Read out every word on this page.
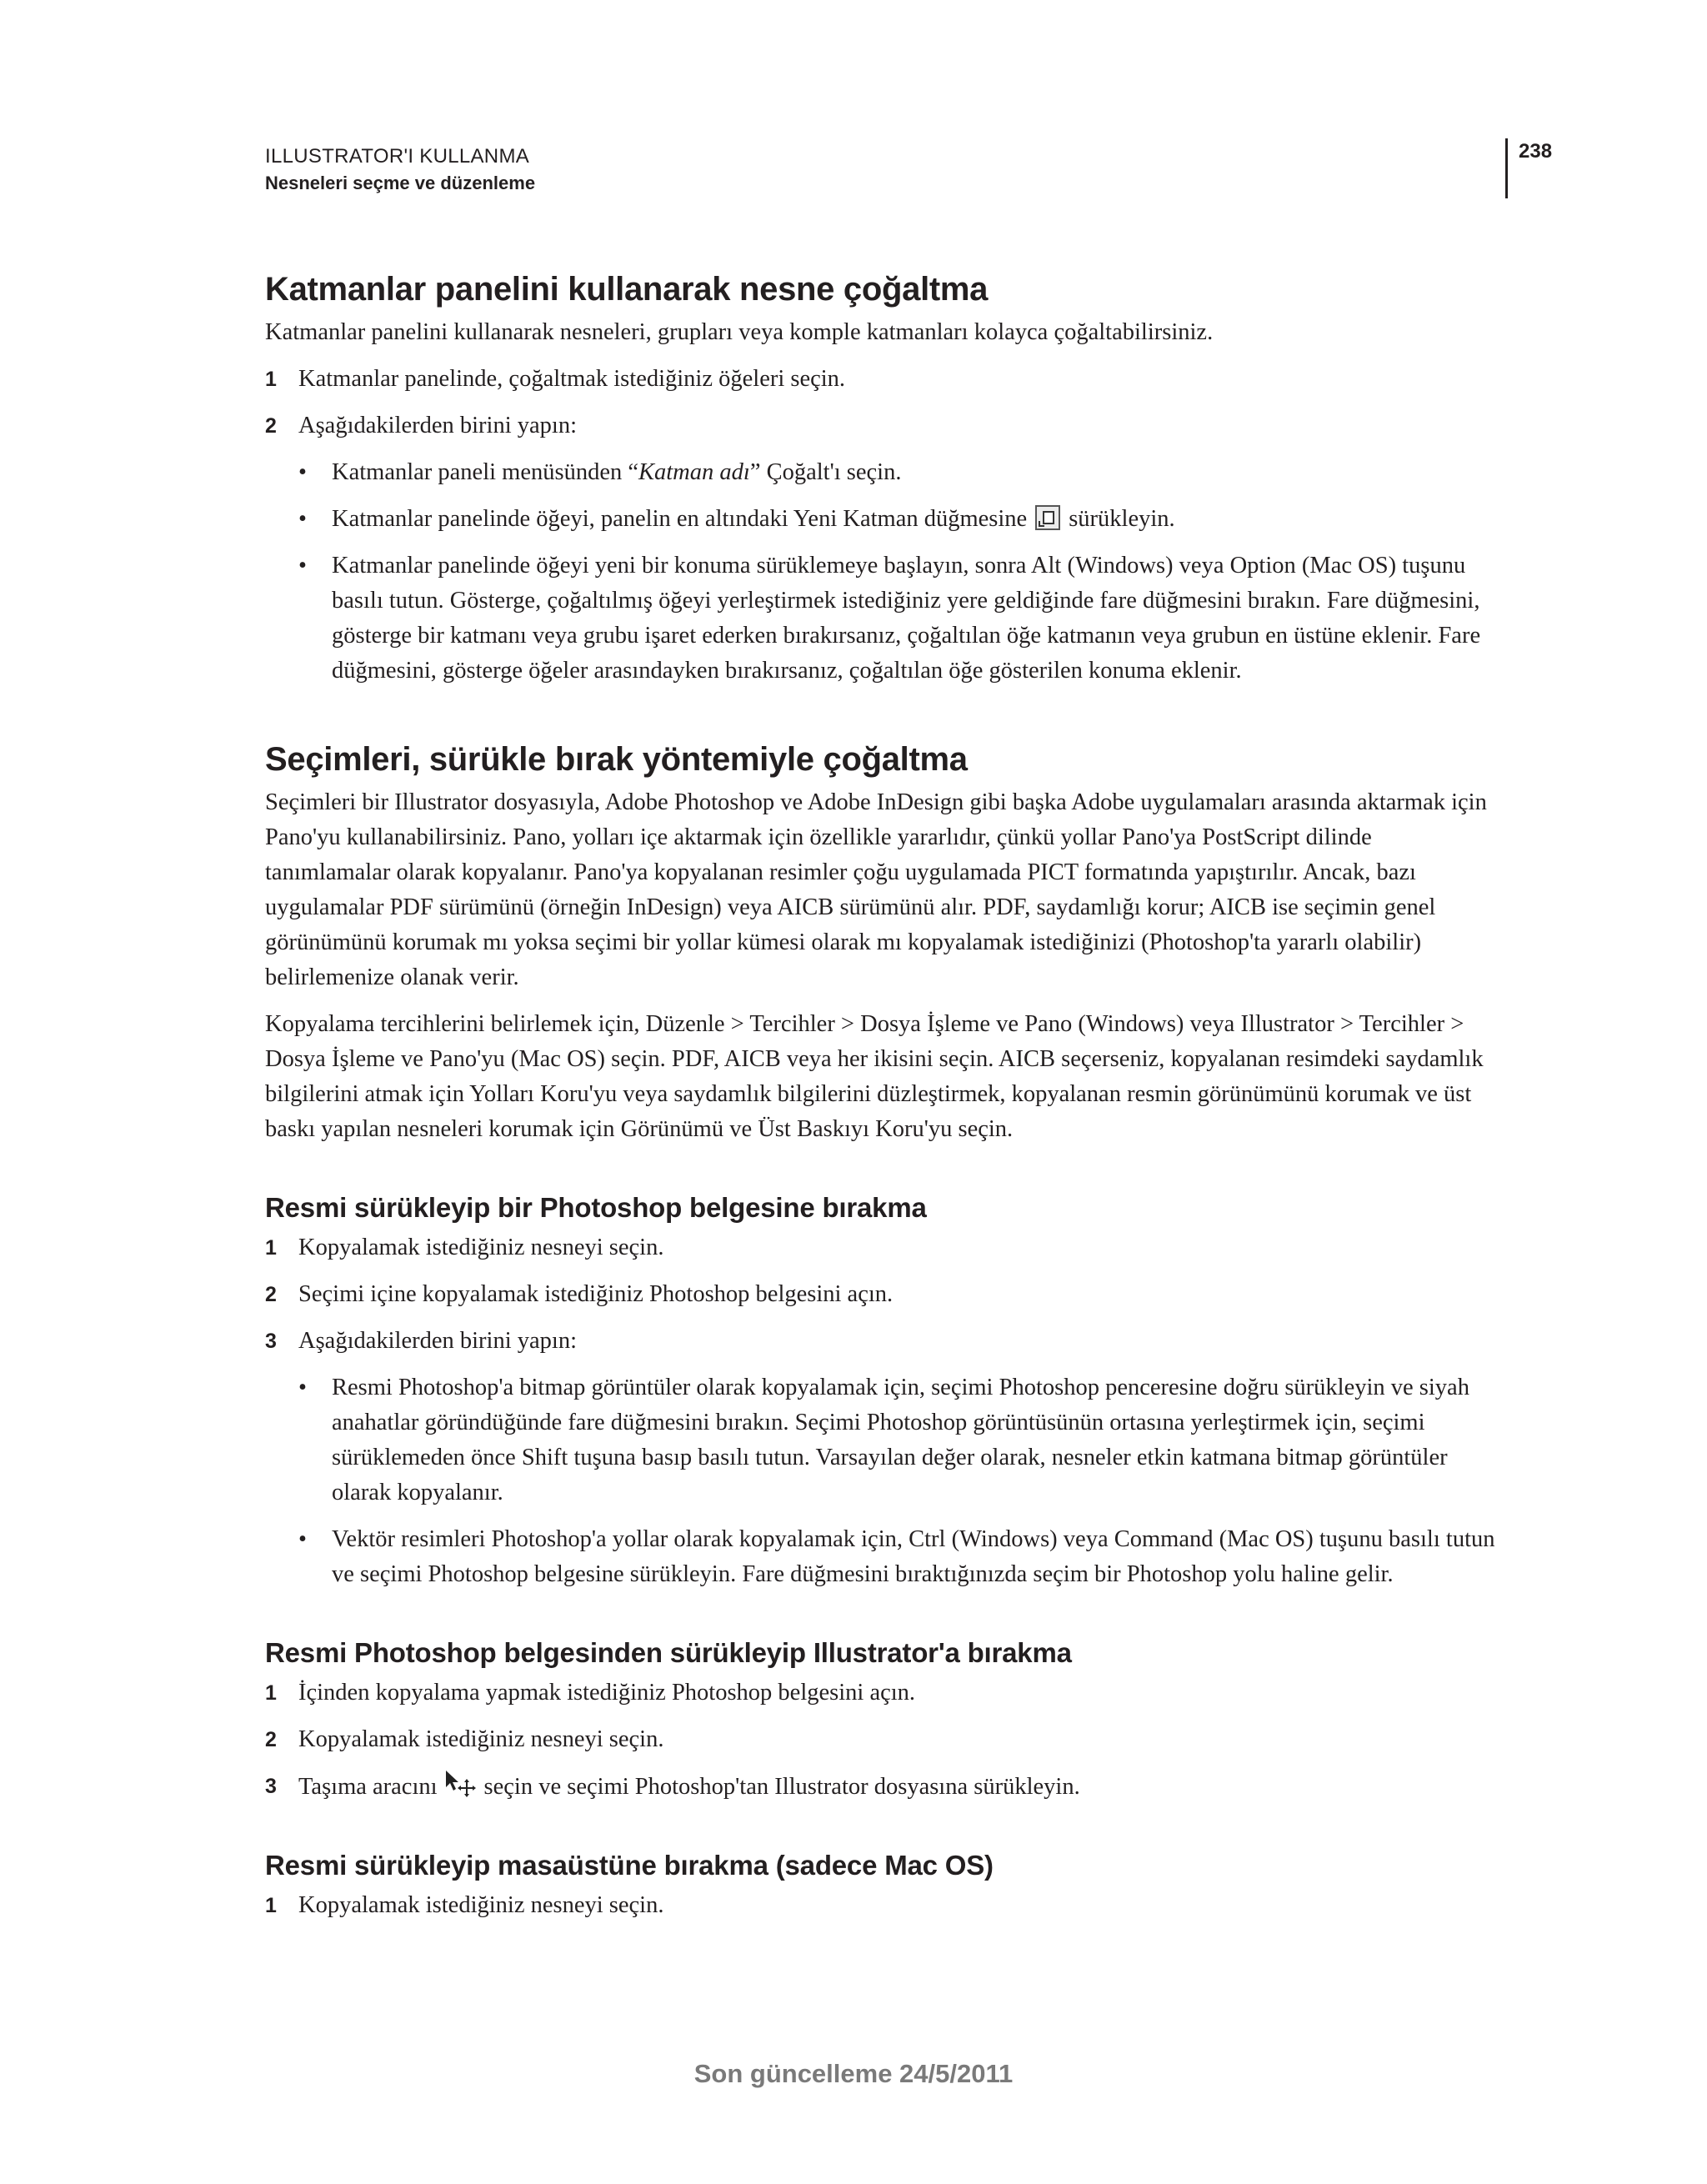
ILLUSTRATOR'I KULLANMA
Nesneleri seçme ve düzenleme
238
Katmanlar panelini kullanarak nesne çoğaltma

Katmanlar panelini kullanarak nesneleri, grupları veya komple katmanları kolayca çoğaltabilirsiniz.

1 Katmanlar panelinde, çoğaltmak istediğiniz öğeleri seçin.
2 Aşağıdakilerden birini yapın:
• Katmanlar paneli menüsünden “Katman adı” Çoğalt'ı seçin.
• Katmanlar panelinde öğeyi, panelin en altındaki Yeni Katman düğmesine sürükleyin.
• Katmanlar panelinde öğeyi yeni bir konuma sürüklemeye başlayın, sonra Alt (Windows) veya Option (Mac OS) tuşunu basılı tutun. Gösterge, çoğaltılmış öğeyi yerleştirmek istediğiniz yere geldiğinde fare düğmesini bırakın. Fare düğmesini, gösterge bir katmanı veya grubu işaret ederken bırakırsanız, çoğaltılan öğe katmanın veya grubun en üstüne eklenir. Fare düğmesini, gösterge öğeler arasındayken bırakırsanız, çoğaltılan öğe gösterilen konuma eklenir.
Seçimleri, sürükle bırak yöntemiyle çoğaltma

Seçimleri bir Illustrator dosyasıyla, Adobe Photoshop ve Adobe InDesign gibi başka Adobe uygulamaları arasında aktarmak için Pano'yu kullanabilirsiniz. Pano, yolları içe aktarmak için özellikle yararlıdır, çünkü yollar Pano'ya PostScript dilinde tanımlamalar olarak kopyalanır. Pano'ya kopyalanan resimler çoğu uygulamada PICT formatında yapıştırılır. Ancak, bazı uygulamalar PDF sürümünü (örneğin InDesign) veya AICB sürümünü alır. PDF, saydamlığı korur; AICB ise seçimin genel görünümünü korumak mı yoksa seçimi bir yollar kümesi olarak mı kopyalamak istediğinizi (Photoshop'ta yararlı olabilir) belirlemenize olanak verir.

Kopyalama tercihlerini belirlemek için, Düzenle > Tercihler > Dosya İşleme ve Pano (Windows) veya Illustrator > Tercihler > Dosya İşleme ve Pano'yu (Mac OS) seçin. PDF, AICB veya her ikisini seçin. AICB seçerseniz, kopyalanan resimdeki saydamlık bilgilerini atmak için Yolları Koru'yu veya saydamlık bilgilerini düzleştirmek, kopyalanan resmin görünümünü korumak ve üst baskı yapılan nesneleri korumak için Görünümü ve Üst Baskıyı Koru'yu seçin.

Resmi sürükleyip bir Photoshop belgesine bırakma
1 Kopyalamak istediğiniz nesneyi seçin.
2 Seçimi içine kopyalamak istediğiniz Photoshop belgesini açın.
3 Aşağıdakilerden birini yapın:
• Resmi Photoshop'a bitmap görüntüler olarak kopyalamak için, seçimi Photoshop penceresine doğru sürükleyin ve siyah anahatlar göründüğünde fare düğmesini bırakın. Seçimi Photoshop görüntüsünün ortasına yerleştirmek için, seçimi sürüklemeden önce Shift tuşuna basıp basılı tutun. Varsayılan değer olarak, nesneler etkin katmana bitmap görüntüler olarak kopyalanır.
• Vektör resimleri Photoshop'a yollar olarak kopyalamak için, Ctrl (Windows) veya Command (Mac OS) tuşunu basılı tutun ve seçimi Photoshop belgesine sürükleyin. Fare düğmesini bıraktığınızda seçim bir Photoshop yolu haline gelir.
Resmi Photoshop belgesinden sürükleyip Illustrator'a bırakma
1 İçinden kopyalama yapmak istediğiniz Photoshop belgesini açın.
2 Kopyalamak istediğiniz nesneyi seçin.
3 Taşıma aracını seçin ve seçimi Photoshop'tan Illustrator dosyasına sürükleyin.
Resmi sürükleyip masaüstüne bırakma (sadece Mac OS)
1 Kopyalamak istediğiniz nesneyi seçin.
Son güncelleme 24/5/2011
